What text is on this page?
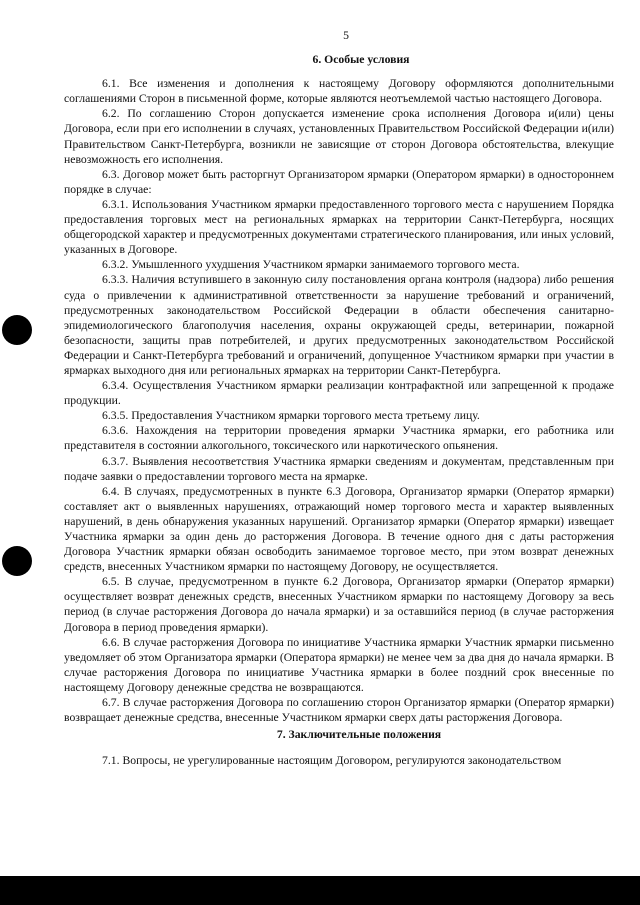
5
6. Особые условия

6.1. Все изменения и дополнения к настоящему Договору оформляются дополнительными соглашениями Сторон в письменной форме, которые являются неотъемлемой частью настоящего Договора.

6.2. По соглашению Сторон допускается изменение срока исполнения Договора и(или) цены Договора, если при его исполнении в случаях, установленных Правительством Российской Федерации и(или) Правительством Санкт-Петербурга, возникли не зависящие от сторон Договора обстоятельства, влекущие невозможность его исполнения.

6.3. Договор может быть расторгнут Организатором ярмарки (Оператором ярмарки) в одностороннем порядке в случае:

6.3.1. Использования Участником ярмарки предоставленного торгового места с нарушением Порядка предоставления торговых мест на региональных ярмарках на территории Санкт-Петербурга, носящих общегородской характер и предусмотренных документами стратегического планирования, или иных условий, указанных в Договоре.

6.3.2. Умышленного ухудшения Участником ярмарки занимаемого торгового места.

6.3.3. Наличия вступившего в законную силу постановления органа контроля (надзора) либо решения суда о привлечении к административной ответственности за нарушение требований и ограничений, предусмотренных законодательством Российской Федерации в области обеспечения санитарно-эпидемиологического благополучия населения, охраны окружающей среды, ветеринарии, пожарной безопасности, защиты прав потребителей, и других предусмотренных законодательством Российской Федерации и Санкт-Петербурга требований и ограничений, допущенное Участником ярмарки при участии в ярмарках выходного дня или региональных ярмарках на территории Санкт-Петербурга.

6.3.4. Осуществления Участником ярмарки реализации контрафактной или запрещенной к продаже продукции.

6.3.5. Предоставления Участником ярмарки торгового места третьему лицу.

6.3.6. Нахождения на территории проведения ярмарки Участника ярмарки, его работника или представителя в состоянии алкогольного, токсического или наркотического опьянения.

6.3.7. Выявления несоответствия Участника ярмарки сведениям и документам, представленным при подаче заявки о предоставлении торгового места на ярмарке.

6.4. В случаях, предусмотренных в пункте 6.3 Договора, Организатор ярмарки (Оператор ярмарки) составляет акт о выявленных нарушениях, отражающий номер торгового места и характер выявленных нарушений, в день обнаружения указанных нарушений. Организатор ярмарки (Оператор ярмарки) извещает Участника ярмарки за один день до расторжения Договора. В течение одного дня с даты расторжения Договора Участник ярмарки обязан освободить занимаемое торговое место, при этом возврат денежных средств, внесенных Участником ярмарки по настоящему Договору, не осуществляется.

6.5. В случае, предусмотренном в пункте 6.2 Договора, Организатор ярмарки (Оператор ярмарки) осуществляет возврат денежных средств, внесенных Участником ярмарки по настоящему Договору за весь период (в случае расторжения Договора до начала ярмарки) и за оставшийся период (в случае расторжения Договора в период проведения ярмарки).

6.6. В случае расторжения Договора по инициативе Участника ярмарки Участник ярмарки письменно уведомляет об этом Организатора ярмарки (Оператора ярмарки) не менее чем за два дня до начала ярмарки. В случае расторжения Договора по инициативе Участника ярмарки в более поздний срок внесенные по настоящему Договору денежные средства не возвращаются.

6.7. В случае расторжения Договора по соглашению сторон Организатор ярмарки (Оператор ярмарки) возвращает денежные средства, внесенные Участником ярмарки сверх даты расторжения Договора.

7. Заключительные положения

7.1. Вопросы, не урегулированные настоящим Договором, регулируются законодательством
